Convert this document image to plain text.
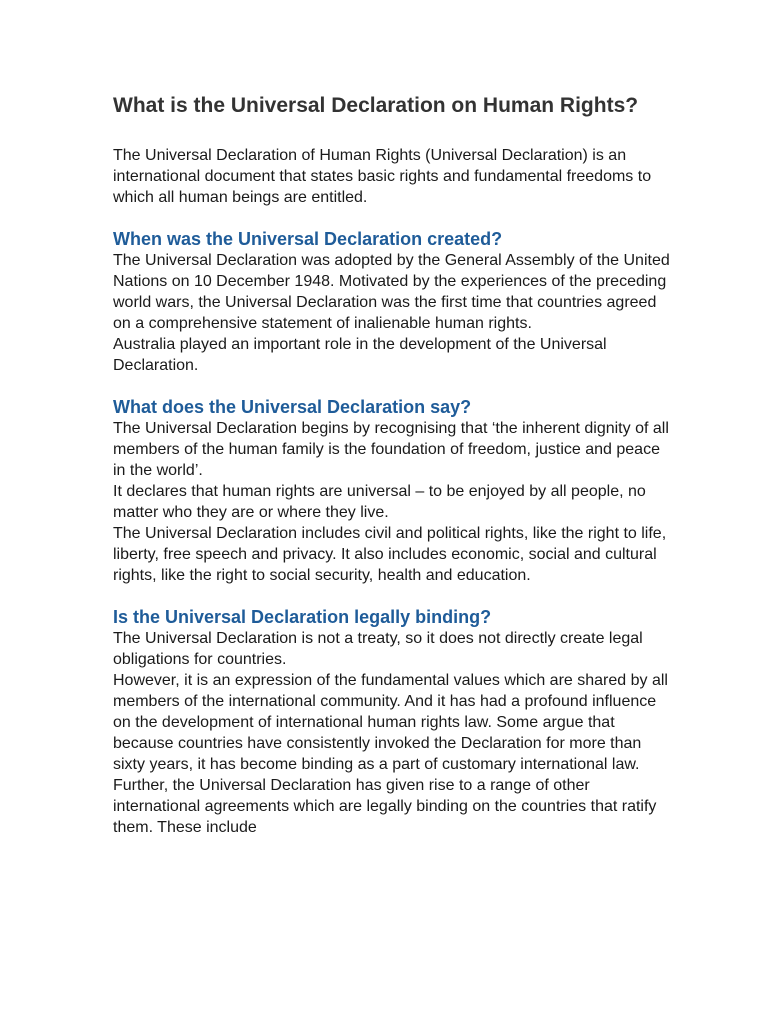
What is the Universal Declaration on Human Rights?

The Universal Declaration of Human Rights (Universal Declaration) is an international document that states basic rights and fundamental freedoms to which all human beings are entitled.

When was the Universal Declaration created?

The Universal Declaration was adopted by the General Assembly of the United Nations on 10 December 1948. Motivated by the experiences of the preceding world wars, the Universal Declaration was the first time that countries agreed on a comprehensive statement of inalienable human rights.

Australia played an important role in the development of the Universal Declaration.

What does the Universal Declaration say?

The Universal Declaration begins by recognising that ‘the inherent dignity of all members of the human family is the foundation of freedom, justice and peace in the world’.

It declares that human rights are universal – to be enjoyed by all people, no matter who they are or where they live.

The Universal Declaration includes civil and political rights, like the right to life, liberty, free speech and privacy. It also includes economic, social and cultural rights, like the right to social security, health and education.

Is the Universal Declaration legally binding?

The Universal Declaration is not a treaty, so it does not directly create legal obligations for countries.

However, it is an expression of the fundamental values which are shared by all members of the international community. And it has had a profound influence on the development of international human rights law. Some argue that because countries have consistently invoked the Declaration for more than sixty years, it has become binding as a part of customary international law.

Further, the Universal Declaration has given rise to a range of other international agreements which are legally binding on the countries that ratify them. These include
